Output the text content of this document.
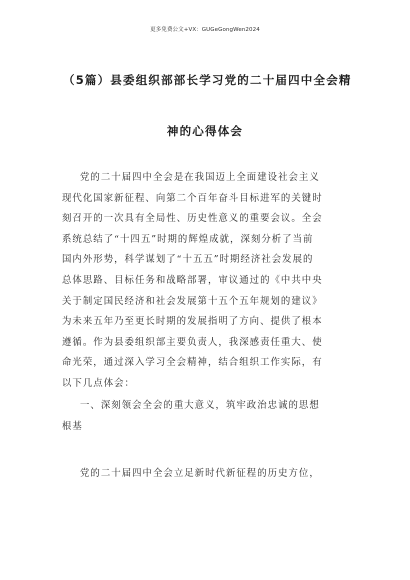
更多免费公文+VX：GUGeGongWen2024
（5篇）县委组织部部长学习党的二十届四中全会精
神的心得体会
党的二十届四中全会是在我国迈上全面建设社会主义
现代化国家新征程、向第二个百年奋斗目标进军的关键时
刻召开的一次具有全局性、历史性意义的重要会议。全会
系统总结了“十四五”时期的辉煌成就，深刻分析了当前
国内外形势，科学谋划了“十五五”时期经济社会发展的
总体思路、目标任务和战略部署，审议通过的《中共中央
关于制定国民经济和社会发展第十五个五年规划的建议》
为未来五年乃至更长时期的发展指明了方向、提供了根本
遵循。作为县委组织部主要负责人，我深感责任重大、使
命光荣，通过深入学习全会精神，结合组织工作实际，有
以下几点体会：
一、深刻领会全会的重大意义，筑牢政治忠诚的思想
根基
党的二十届四中全会立足新时代新征程的历史方位，
